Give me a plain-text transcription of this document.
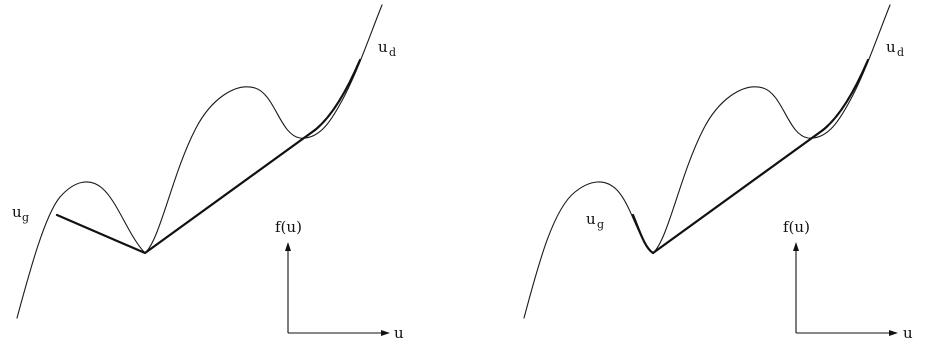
u g
u d
f(u)
u
u g
u d
f(u)
u
